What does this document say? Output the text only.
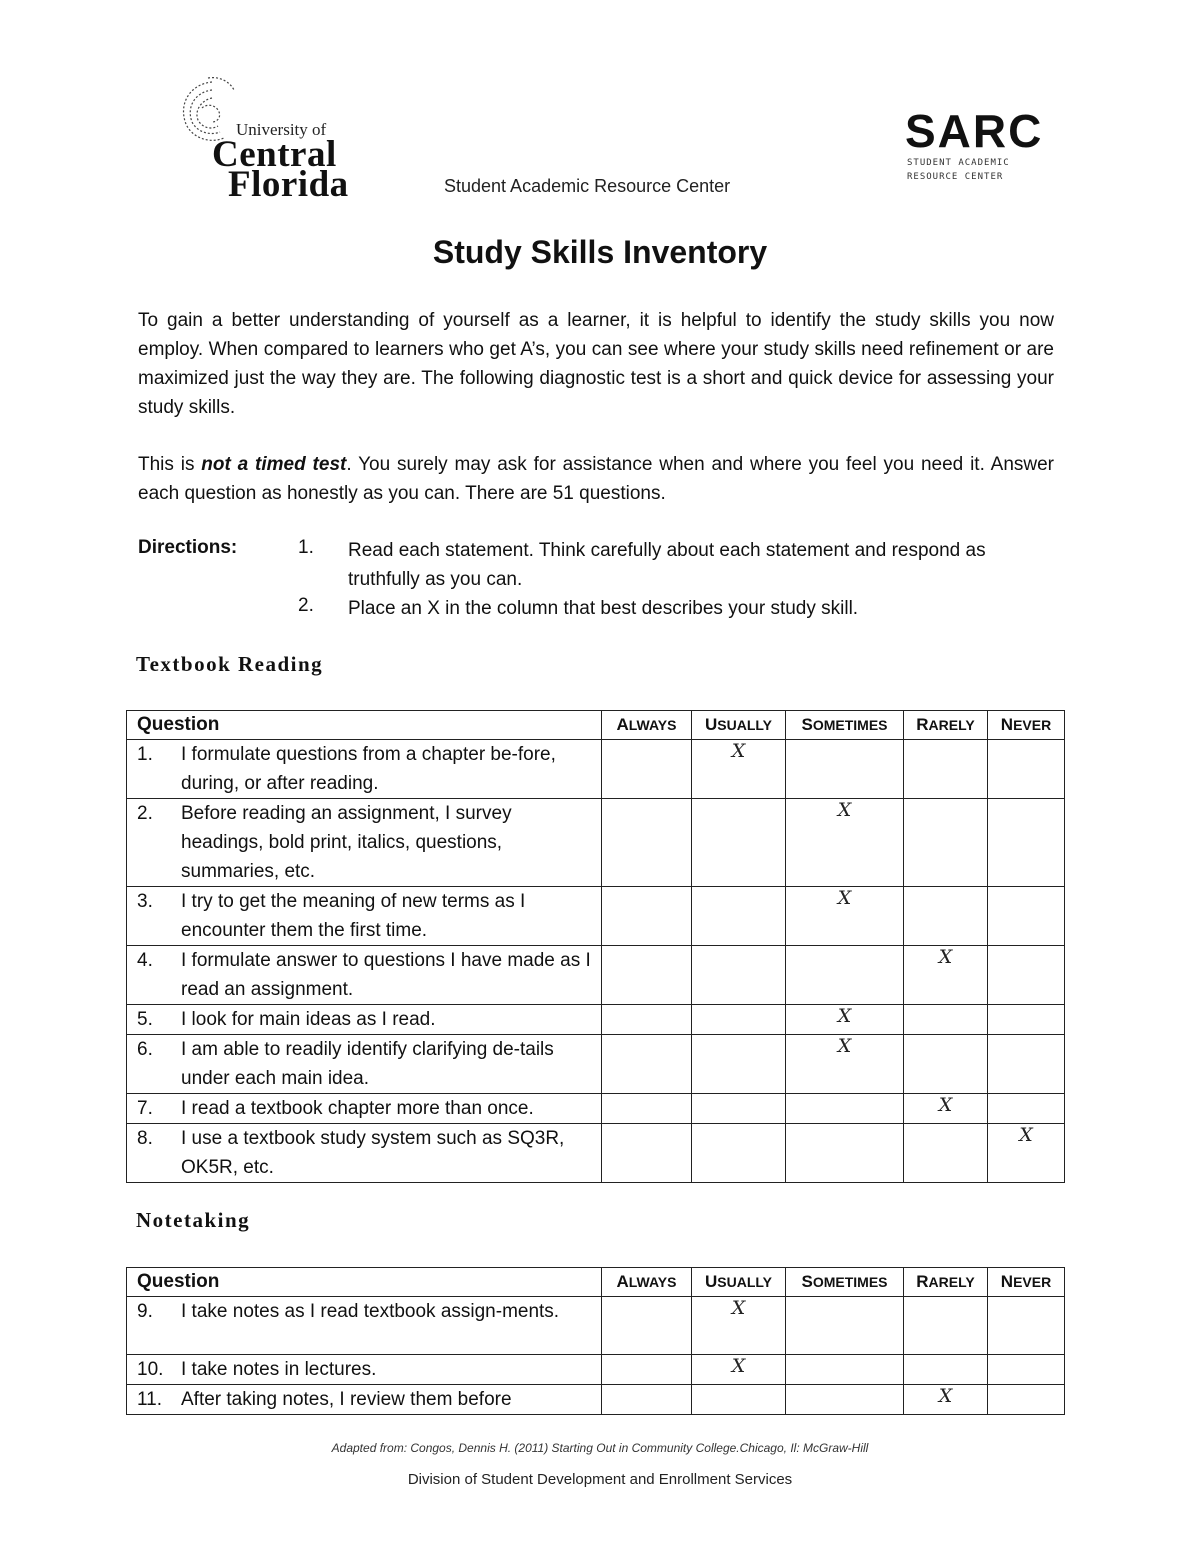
University of
Central
Florida	Student Academic Resource Center
SARC
STUDENT ACADEMIC
RESOURCE CENTER
Study Skills Inventory
To gain a better understanding of yourself as a learner, it is helpful to identify the study skills you now employ. When compared to learners who get A’s, you can see where your study skills need refinement or are maximized just the way they are. The following diagnostic test is a short and quick device for assessing your study skills.
This is not a timed test. You surely may ask for assistance when and where you feel you need it. Answer each question as honestly as you can. There are 51 questions.
Directions:	1. Read each statement. Think carefully about each statement and respond as truthfully as you can.
2. Place an X in the column that best describes your study skill.
Textbook Reading
Question	ALWAYS	USUALLY	SOMETIMES	RARELY	NEVER

1. I formulate questions from a chapter be-fore, during, or after reading.		X			

2. Before reading an assignment, I survey headings, bold print, italics, questions, summaries, etc.			X		

3. I try to get the meaning of new terms as I encounter them the first time.			X		

4. I formulate answer to questions I have made as I read an assignment.				X	

5. I look for main ideas as I read.			X		

6. I am able to readily identify clarifying de-tails under each main idea.			X		

7. I read a textbook chapter more than once.				X	

8. I use a textbook study system such as SQ3R, OK5R, etc.					X
Notetaking
Question	ALWAYS	USUALLY	SOMETIMES	RARELY	NEVER

9. I take notes as I read textbook assign-ments.		X			

10. I take notes in lectures.		X			

11. After taking notes, I review them before				X	
Adapted from: Congos, Dennis H. (2011) Starting Out in Community College.Chicago, Il: McGraw-Hill
Division of Student Development and Enrollment Services
